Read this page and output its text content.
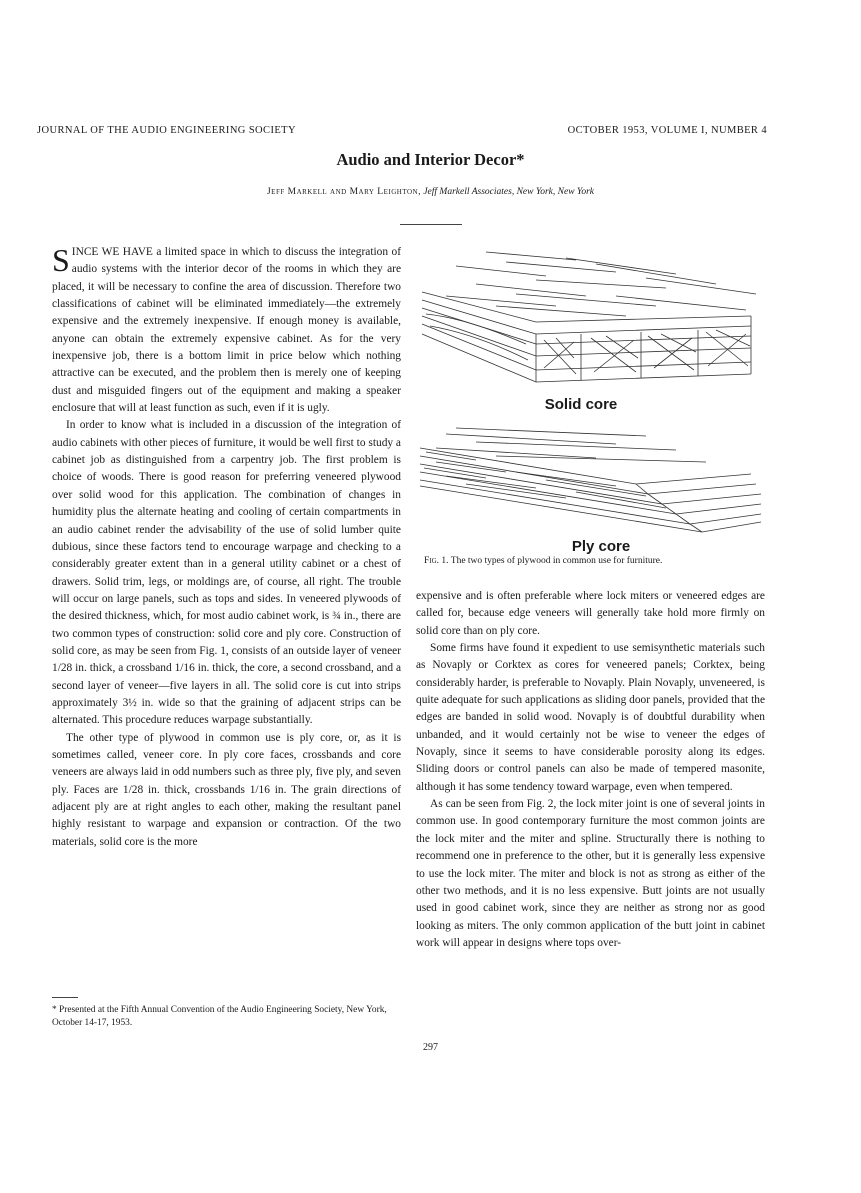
JOURNAL OF THE AUDIO ENGINEERING SOCIETY	OCTOBER 1953, VOLUME I, NUMBER 4
Audio and Interior Decor*
Jeff Markell and Mary Leighton, Jeff Markell Associates, New York, New York

SINCE WE HAVE a limited space in which to discuss the integration of audio systems with the interior decor of the rooms in which they are placed, it will be necessary to confine the area of discussion. Therefore two classifications of cabinet will be eliminated immediately—the extremely expensive and the extremely inexpensive. If enough money is available, anyone can obtain the extremely expensive cabinet. As for the very inexpensive job, there is a bottom limit in price below which nothing attractive can be executed, and the problem then is merely one of keeping dust and misguided fingers out of the equipment and making a speaker enclosure that will at least function as such, even if it is ugly.

In order to know what is included in a discussion of the integration of audio cabinets with other pieces of furniture, it would be well first to study a cabinet job as distinguished from a carpentry job. The first problem is choice of woods. There is good reason for preferring veneered plywood over solid wood for this application. The combination of changes in humidity plus the alternate heating and cooling of certain compartments in an audio cabinet render the advisability of the use of solid lumber quite dubious, since these factors tend to encourage warpage and checking to a considerably greater extent than in a general utility cabinet or a chest of drawers. Solid trim, legs, or moldings are, of course, all right. The trouble will occur on large panels, such as tops and sides. In veneered plywoods of the desired thickness, which, for most audio cabinet work, is ¾ in., there are two common types of construction: solid core and ply core. Construction of solid core, as may be seen from Fig. 1, consists of an outside layer of veneer 1/28 in. thick, a crossband 1/16 in. thick, the core, a second crossband, and a second layer of veneer—five layers in all. The solid core is cut into strips approximately 3½ in. wide so that the graining of adjacent strips can be alternated. This procedure reduces warpage substantially.

The other type of plywood in common use is ply core, or, as it is sometimes called, veneer core. In ply core faces, crossbands and core veneers are always laid in odd numbers such as three ply, five ply, and seven ply. Faces are 1/28 in. thick, crossbands 1/16 in. The grain directions of adjacent ply are at right angles to each other, making the resultant panel highly resistant to warpage and expansion or contraction. Of the two materials, solid core is the more

Solid core
Ply core
Fig. 1. The two types of plywood in common use for furniture.

expensive and is often preferable where lock miters or veneered edges are called for, because edge veneers will generally take hold more firmly on solid core than on ply core.

Some firms have found it expedient to use semisynthetic materials such as Novaply or Corktex as cores for veneered panels; Corktex, being considerably harder, is preferable to Novaply. Plain Novaply, unveneered, is quite adequate for such applications as sliding door panels, provided that the edges are banded in solid wood. Novaply is of doubtful durability when unbanded, and it would certainly not be wise to veneer the edges of Novaply, since it seems to have considerable porosity along its edges. Sliding doors or control panels can also be made of tempered masonite, although it has some tendency toward warpage, even when tempered.

As can be seen from Fig. 2, the lock miter joint is one of several joints in common use. In good contemporary furniture the most common joints are the lock miter and the miter and spline. Structurally there is nothing to recommend one in preference to the other, but it is generally less expensive to use the lock miter. The miter and block is not as strong as either of the other two methods, and it is no less expensive. Butt joints are not usually used in good cabinet work, since they are neither as strong nor as good looking as miters. The only common application of the butt joint in cabinet work will appear in designs where tops over-

* Presented at the Fifth Annual Convention of the Audio Engineering Society, New York, October 14-17, 1953.
297
